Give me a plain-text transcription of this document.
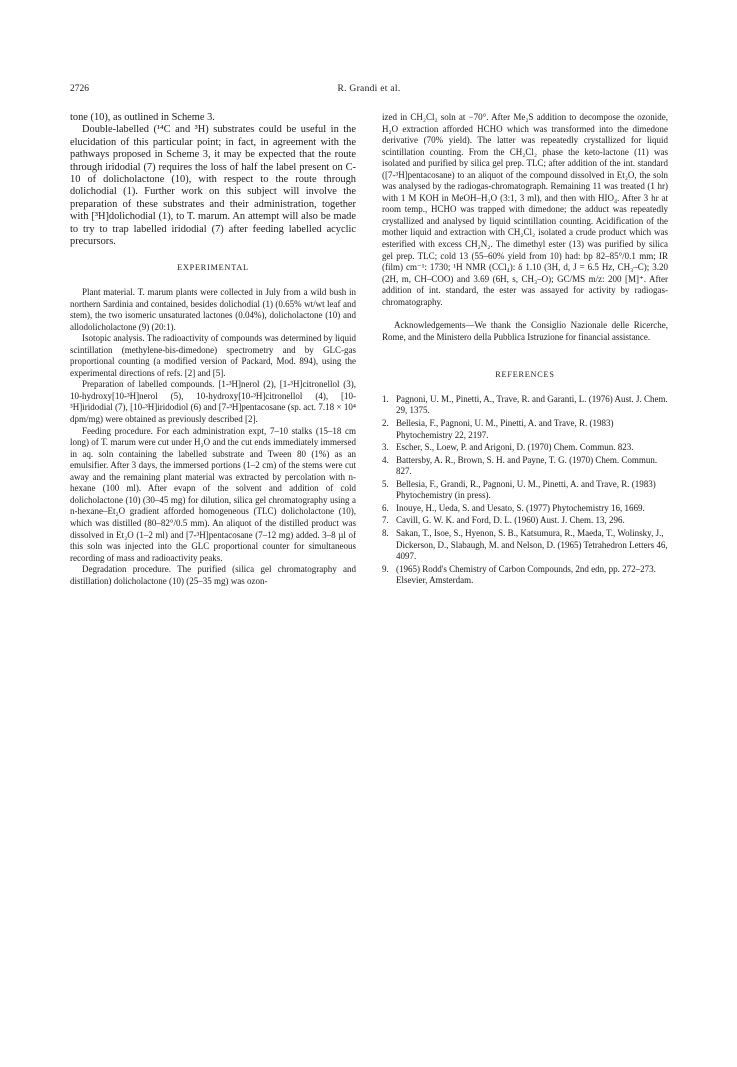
2726	R. Grandi et al.

tone (10), as outlined in Scheme 3.

Double-labelled (¹⁴C and ³H) substrates could be useful in the elucidation of this particular point; in fact, in agreement with the pathways proposed in Scheme 3, it may be expected that the route through iridodial (7) requires the loss of half the label present on C-10 of dolicholactone (10), with respect to the route through dolichodial (1). Further work on this subject will involve the preparation of these substrates and their administration, together with [³H]dolichodial (1), to T. marum. An attempt will also be made to try to trap labelled iridodial (7) after feeding labelled acyclic precursors.

EXPERIMENTAL

Plant material. T. marum plants were collected in July from a wild bush in northern Sardinia and contained, besides dolichodial (1) (0.65% wt/wt leaf and stem), the two isomeric unsaturated lactones (0.04%), dolicholactone (10) and allodolicholactone (9) (20:1).

Isotopic analysis. The radioactivity of compounds was determined by liquid scintillation (methylene-bis-dimedone) spectrometry and by GLC-gas proportional counting (a modified version of Packard, Mod. 894), using the experimental directions of refs. [2] and [5].

Preparation of labelled compounds. [1-³H]nerol (2), [1-³H]citronellol (3), 10-hydroxy[10-³H]nerol (5), 10-hydroxy[10-³H]citronellol (4), [10-³H]iridodial (7), [10-³H]iridodiol (6) and [7-³H]pentacosane (sp. act. 7.18 × 10⁴ dpm/mg) were obtained as previously described [2].

Feeding procedure. For each administration expt, 7–10 stalks (15–18 cm long) of T. marum were cut under H₂O and the cut ends immediately immersed in aq. soln containing the labelled substrate and Tween 80 (1%) as an emulsifier. After 3 days, the immersed portions (1–2 cm) of the stems were cut away and the remaining plant material was extracted by percolation with n-hexane (100 ml). After evapn of the solvent and addition of cold dolicholactone (10) (30–45 mg) for dilution, silica gel chromatography using a n-hexane–Et₂O gradient afforded homogeneous (TLC) dolicholactone (10), which was distilled (80–82°/0.5 mm). An aliquot of the distilled product was dissolved in Et₂O (1–2 ml) and [7-³H]pentacosane (7–12 mg) added. 3–8 µl of this soln was injected into the GLC proportional counter for simultaneous recording of mass and radioactivity peaks.

Degradation procedure. The purified (silica gel chromatography and distillation) dolicholactone (10) (25–35 mg) was ozon-

ized in CH₂Cl₂ soln at −70°. After Me₂S addition to decompose the ozonide, H₂O extraction afforded HCHO which was transformed into the dimedone derivative (70% yield). The latter was repeatedly crystallized for liquid scintillation counting. From the CH₂Cl₂ phase the keto-lactone (11) was isolated and purified by silica gel prep. TLC; after addition of the int. standard ([7-³H]pentacosane) to an aliquot of the compound dissolved in Et₂O, the soln was analysed by the radiogas-chromatograph. Remaining 11 was treated (1 hr) with 1 M KOH in MeOH–H₂O (3:1, 3 ml), and then with HIO₄. After 3 hr at room temp., HCHO was trapped with dimedone; the adduct was repeatedly crystallized and analysed by liquid scintillation counting. Acidification of the mother liquid and extraction with CH₂Cl₂ isolated a crude product which was esterified with excess CH₂N₂. The dimethyl ester (13) was purified by silica gel prep. TLC; cold 13 (55–60% yield from 10) had: bp 82–85°/0.1 mm; IR (film) cm⁻¹: 1730; ¹H NMR (CCl₄): δ 1.10 (3H, d, J = 6.5 Hz, CH₃–C); 3.20 (2H, m, CH–COO) and 3.69 (6H, s, CH₃–O); GC/MS m/z: 200 [M]⁺. After addition of int. standard, the ester was assayed for activity by radiogas-chromatography.

Acknowledgements—We thank the Consiglio Nazionale delle Ricerche, Rome, and the Ministero della Pubblica Istruzione for financial assistance.

REFERENCES
1. Pagnoni, U. M., Pinetti, A., Trave, R. and Garanti, L. (1976) Aust. J. Chem. 29, 1375.
2. Bellesia, F., Pagnoni, U. M., Pinetti, A. and Trave, R. (1983) Phytochemistry 22, 2197.
3. Escher, S., Loew, P. and Arigoni, D. (1970) Chem. Commun. 823.
4. Battersby, A. R., Brown, S. H. and Payne, T. G. (1970) Chem. Commun. 827.
5. Bellesia, F., Grandi, R., Pagnoni, U. M., Pinetti, A. and Trave, R. (1983) Phytochemistry (in press).
6. Inouye, H., Ueda, S. and Uesato, S. (1977) Phytochemistry 16, 1669.
7. Cavill, G. W. K. and Ford, D. L. (1960) Aust. J. Chem. 13, 296.
8. Sakan, T., Isoe, S., Hyenon, S. B., Katsumura, R., Maeda, T., Wolinsky, J., Dickerson, D., Slabaugh, M. and Nelson, D. (1965) Tetrahedron Letters 46, 4097.
9. (1965) Rodd's Chemistry of Carbon Compounds, 2nd edn, pp. 272–273. Elsevier, Amsterdam.
